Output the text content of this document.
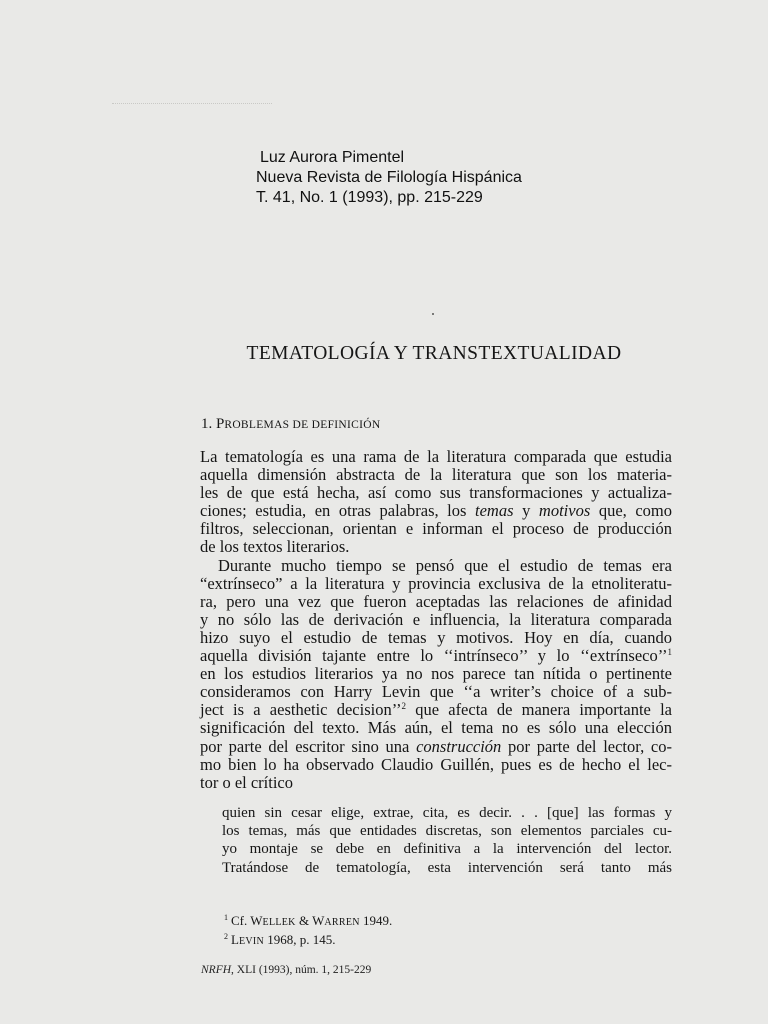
Luz Aurora Pimentel
Nueva Revista de Filología Hispánica
T. 41, No. 1 (1993), pp. 215-229
TEMATOLOGÍA Y TRANSTEXTUALIDAD
1. PROBLEMAS DE DEFINICIÓN
La tematología es una rama de la literatura comparada que estudia
aquella dimensión abstracta de la literatura que son los materia-
les de que está hecha, así como sus transformaciones y actualiza-
ciones; estudia, en otras palabras, los temas y motivos que, como
filtros, seleccionan, orientan e informan el proceso de producción
de los textos literarios.
Durante mucho tiempo se pensó que el estudio de temas era
“extrínseco” a la literatura y provincia exclusiva de la etnoliteratu-
ra, pero una vez que fueron aceptadas las relaciones de afinidad
y no sólo las de derivación e influencia, la literatura comparada
hizo suyo el estudio de temas y motivos. Hoy en día, cuando
aquella división tajante entre lo ‘‘intrínseco’’ y lo ‘‘extrínseco’’$^1$
en los estudios literarios ya no nos parece tan nítida o pertinente
consideramos con Harry Levin que ‘‘a writer’s choice of a sub-
ject is a aesthetic decision’’$^2$ que afecta de manera importante la
significación del texto. Más aún, el tema no es sólo una elección
por parte del escritor sino una construcción por parte del lector, co-
mo bien lo ha observado Claudio Guillén, pues es de hecho el lec-
tor o el crítico
quien sin cesar elige, extrae, cita, es decir. . . [que] las formas y
los temas, más que entidades discretas, son elementos parciales cu-
yo montaje se debe en definitiva a la intervención del lector.
Tratándose de tematología, esta intervención será tanto más
$^1$ Cf. WELLEK & WARREN 1949.
$^2$ LEVIN 1968, p. 145.
NRFH, XLI (1993), núm. 1, 215-229
